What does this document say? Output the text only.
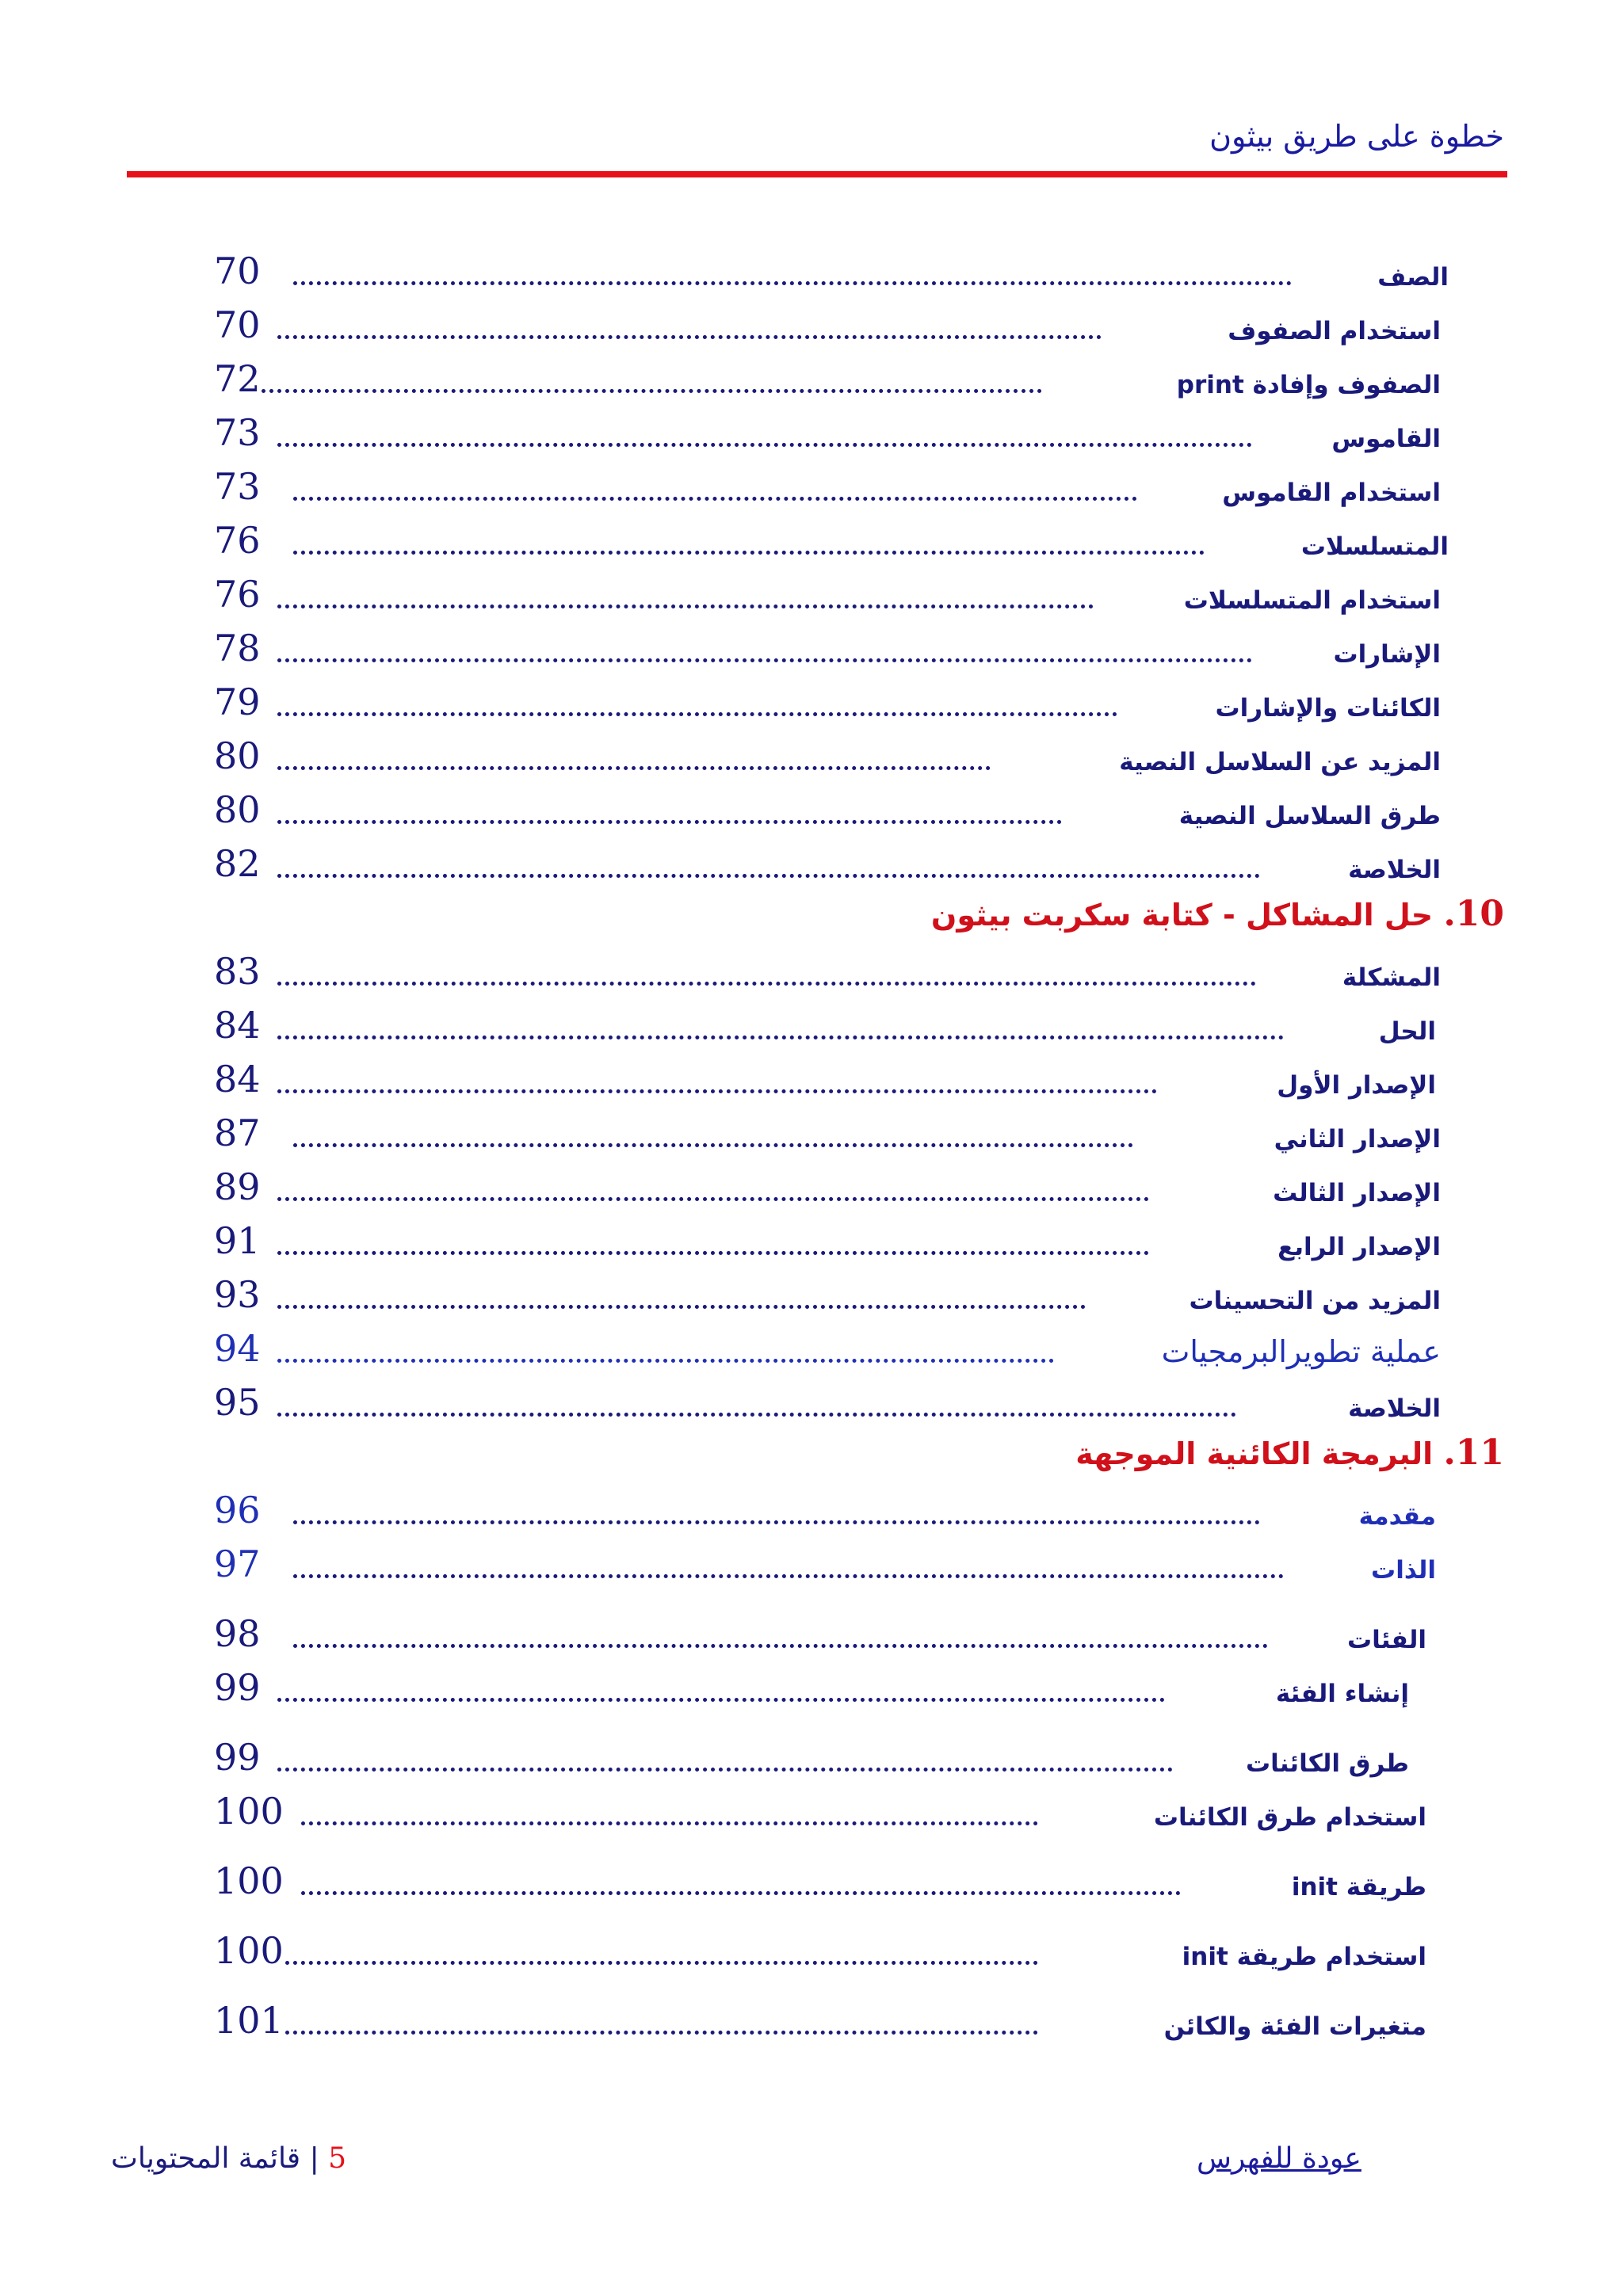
خطوة على طريق بيثون
70	الصف
70	استخدام الصفوف
72	الصفوف وإفادة print
73	القاموس
73	استخدام القاموس
76	المتسلسلات
76	استخدام المتسلسلات
78	الإشارات
79	الكائنات والإشارات
80	المزيد عن السلاسل النصية
80	طرق السلاسل النصية
82	الخلاصة
10. حل المشاكل - كتابة سكربت بيثون
83	المشكلة
84	الحل
84	الإصدار الأول
87	الإصدار الثاني
89	الإصدار الثالث
91	الإصدار الرابع
93	المزيد من التحسينات
94	عملية تطويرالبرمجيات
95	الخلاصة
11. البرمجة الكائنية الموجهة
96	مقدمة
97	الذات
98	الفئات
99	إنشاء الفئة
99	طرق الكائنات
100	استخدام طرق الكائنات
100	طريقة init
100	استخدام طريقة init
101	متغيرات الفئة والكائن
5 | قائمة المحتويات	عودة للفهرس
